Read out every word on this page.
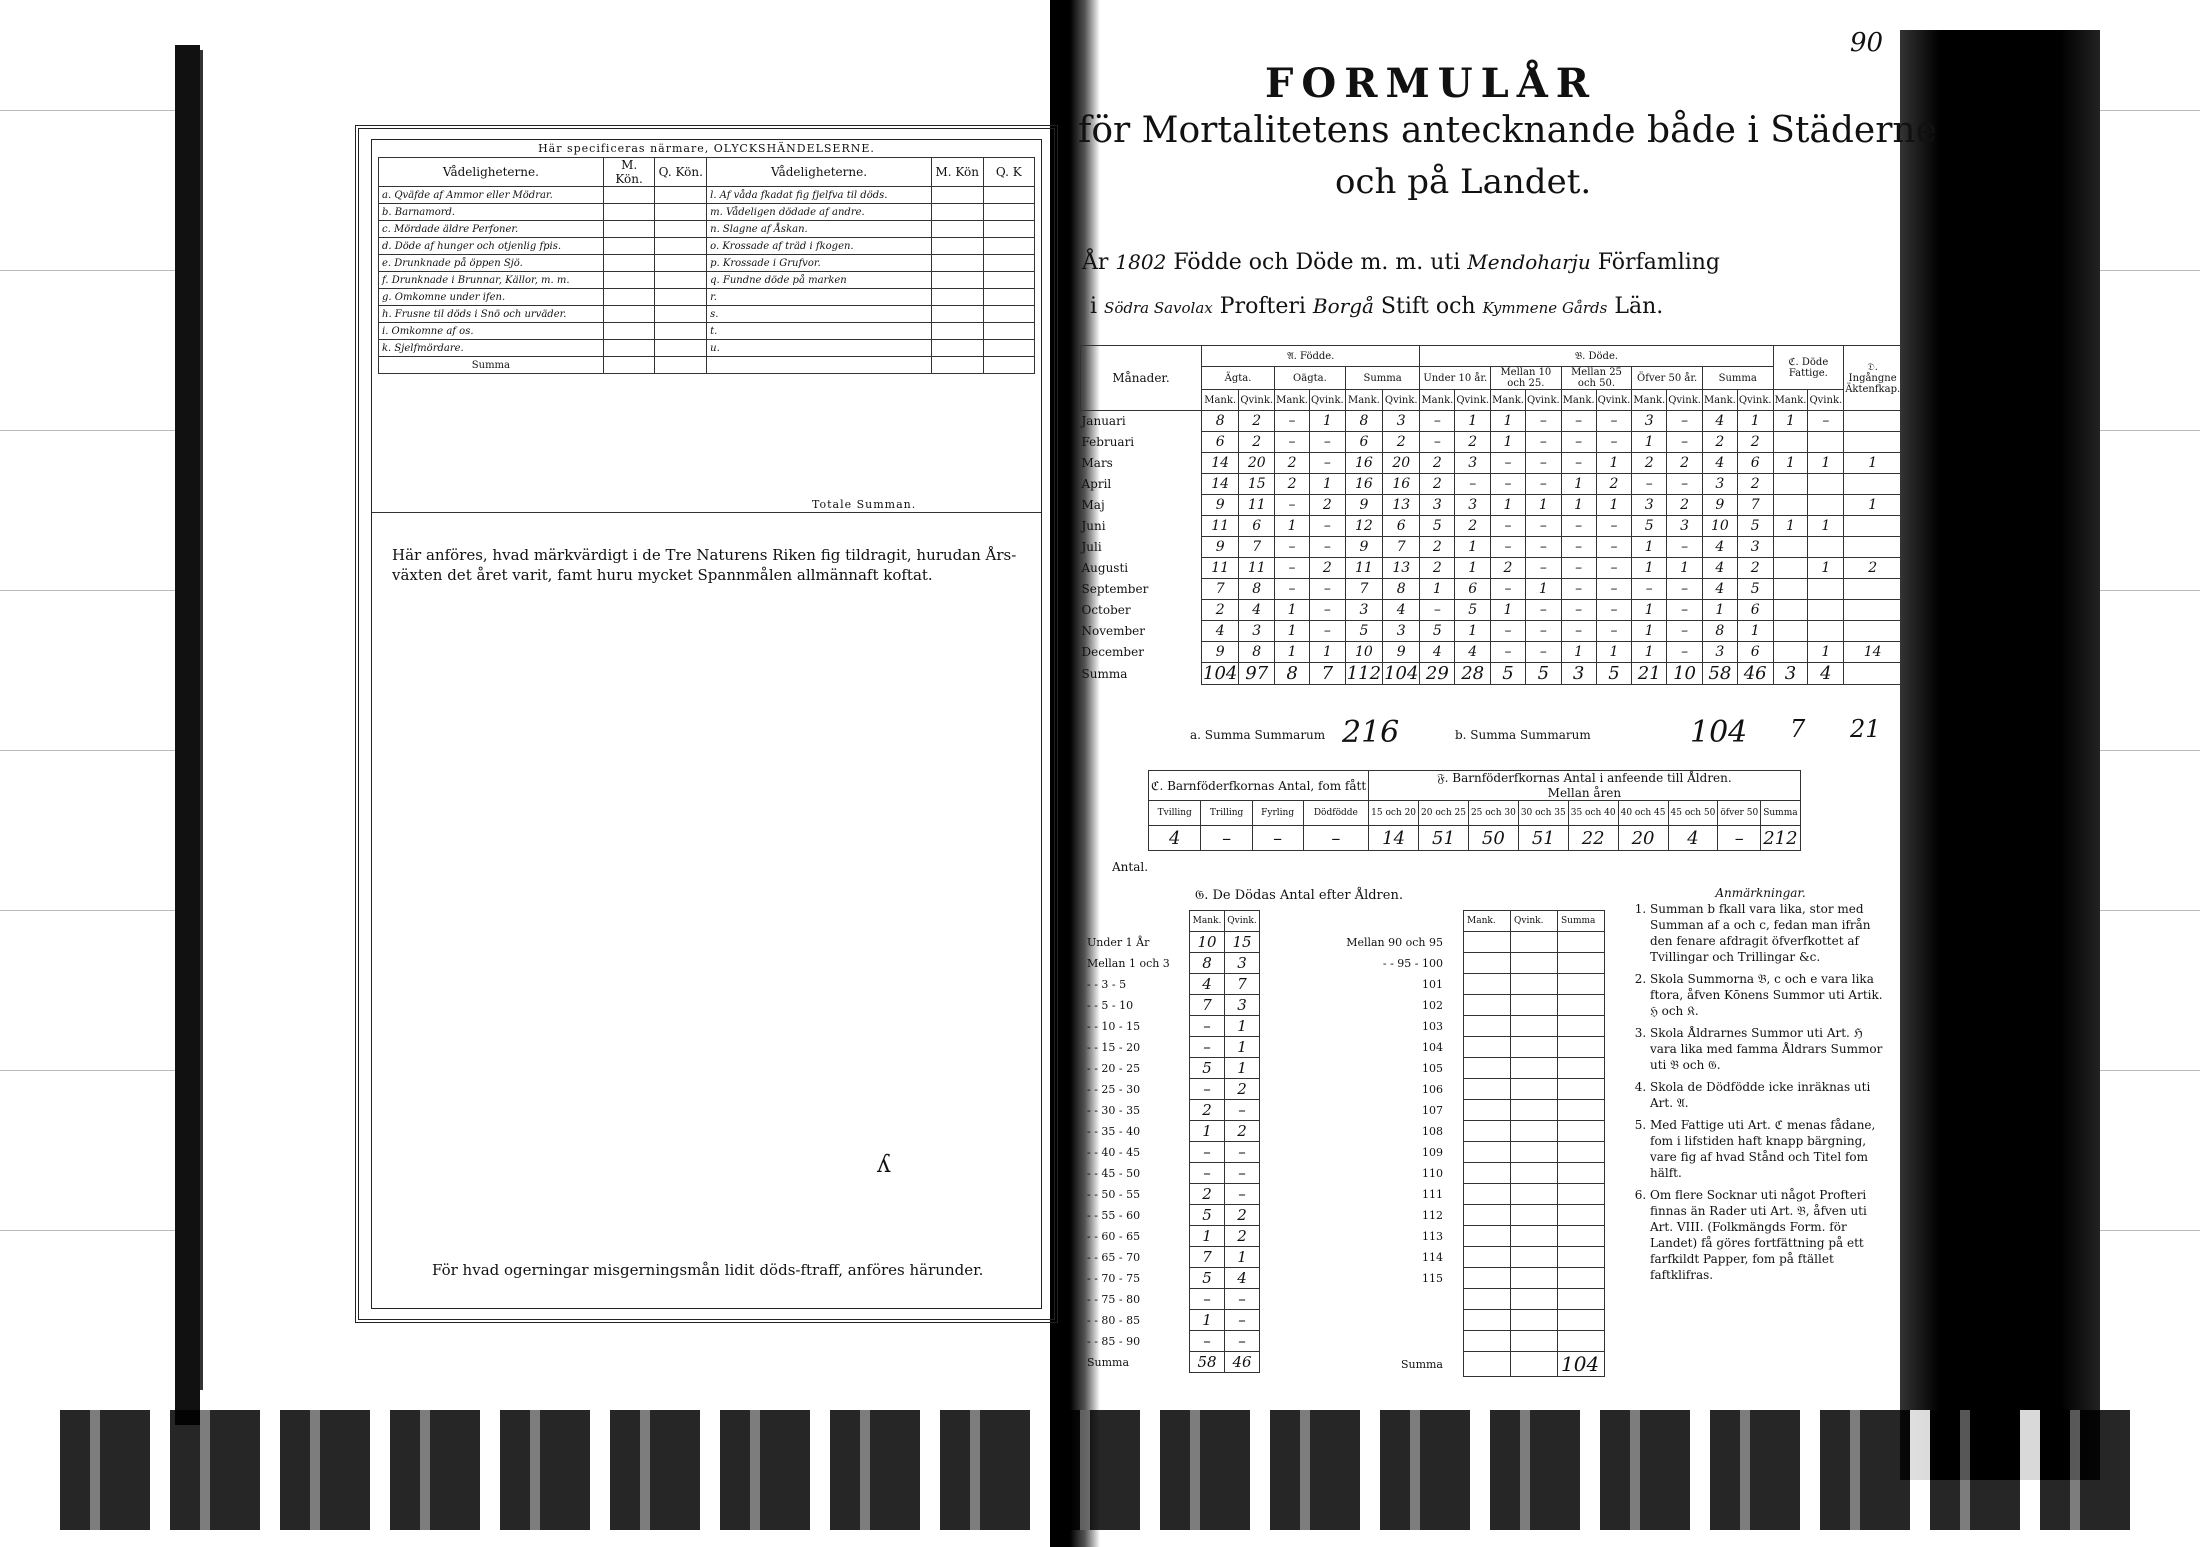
Här specificeras närmare, OLYCKSHÄNDELSERNE.
Vådeligheterne.	M. Kön.	Q. Kön.	Vådeligheterne.	M. Kön	Q. K
a. Qväfde af Ammor eller Mödrar.			l. Af våda fkadat fig fjelfva til döds.		
b. Barnamord.			m. Vådeligen dödade af andre.		
c. Mördade äldre Perfoner.			n. Slagne af Åskan.		
d. Döde af hunger och otjenlig fpis.			o. Krossade af träd i fkogen.		
e. Drunknade på öppen Sjö.			p. Krossade i Grufvor.		
f. Drunknade i Brunnar, Källor, m. m.			q. Fundne döde på marken		
g. Omkomne under ifen.			r.		
h. Frusne til döds i Snö och urväder.			s.		
i. Omkomne af os.			t.		
k. Sjelfmördare.			u.		
Summa					
Totale Summan.
Här anföres, hvad märkvärdigt i de Tre Naturens Riken fig tildragit, hurudan Års-växten det året varit, famt huru mycket Spannmålen allmännaft koftat.
ʎ
För hvad ogerningar misgerningsmån lidit döds-ftraff, anföres härunder.
90
FORMULÅR
för Mortalitetens antecknande både i Städerne
och på Landet.
År 1802 Födde och Döde m. m. uti Mendoharju Förfamling
i Södra Savolax Profteri Borgå Stift och Kymmene Gårds Län.
Månader.	𝔄. Födde.						𝔅. Döde.										ℭ. Döde Fattige.		𝔇. Ingångne Äktenfkap.
	Ägta.		Oägta.		Summa		Under 10 år.		Mellan 10 och 25.		Mellan 25 och 50.		Öfver 50 år.		Summa				
	Mank.	Qvink.	Mank.	Qvink.	Mank.	Qvink.	Mank.	Qvink.	Mank.	Qvink.	Mank.	Qvink.	Mank.	Qvink.	Mank.	Qvink.	Mank.	Qvink.	
Januari	8	2	–	1	8	3	–	1	1	–	–	–	3	–	4	1	1	–	
Februari	6	2	–	–	6	2	–	2	1	–	–	–	1	–	2	2			
Mars	14	20	2	–	16	20	2	3	–	–	–	1	2	2	4	6	1	1	1
April	14	15	2	1	16	16	2	–	–	–	1	2	–	–	3	2			
Maj	9	11	–	2	9	13	3	3	1	1	1	1	3	2	9	7			1
Juni	11	6	1	–	12	6	5	2	–	–	–	–	5	3	10	5	1	1	
Juli	9	7	–	–	9	7	2	1	–	–	–	–	1	–	4	3			
Augusti	11	11	–	2	11	13	2	1	2	–	–	–	1	1	4	2		1	2
September	7	8	–	–	7	8	1	6	–	1	–	–	–	–	4	5			
October	2	4	1	–	3	4	–	5	1	–	–	–	1	–	1	6			
November	4	3	1	–	5	3	5	1	–	–	–	–	1	–	8	1			
December	9	8	1	1	10	9	4	4	–	–	1	1	1	–	3	6		1	14
Summa	104	97	8	7	112	104	29	28	5	5	3	5	21	10	58	46	3	4	
a. Summa Summarum 216	b. Summa Summarum	104 7 21
ℭ. Barnföderfkornas Antal, fom fått				𝔉. Barnföderfkornas Antal i anfeende till Åldren.
Mellan åren								
Tvilling	Trilling	Fyrling	Dödfödde	15 och 20	20 och 25	25 och 30	30 och 35	35 och 40	40 och 45	45 och 50	öfver 50	Summa
4	–	–	–	14	51	50	51	22	20	4	–	212
Antal.
𝔊. De Dödas Antal efter Åldren.
	Mank.	Qvink.
Under 1 År	10	15
Mellan 1 och 3	8	3
- - 3 - 5	4	7
- - 5 - 10	7	3
- - 10 - 15	–	1
- - 15 - 20	–	1
- - 20 - 25	5	1
- - 25 - 30	–	2
- - 30 - 35	2	–
- - 35 - 40	1	2
- - 40 - 45	–	–
- - 45 - 50	–	–
- - 50 - 55	2	–
- - 55 - 60	5	2
- - 60 - 65	1	2
- - 65 - 70	7	1
- - 70 - 75	5	4
- - 75 - 80	–	–
- - 80 - 85	1	–
- - 85 - 90	–	–
Summa	58	46
	Mank.	Qvink.	Summa
Mellan 90 och 95			
- - 95 - 100			
101			
102			
103			
104			
105			
106			
107			
108			
109			
110			
111			
112			
113			
114			
115			

Summa			104
Anmärkningar.
1. Summan b fkall vara lika, stor med Summan af a och c, fedan man ifrån den fenare afdragit öfverfkottet af Tvillingar och Trillingar &c.
2. Skola Summorna 𝔅, c och e vara lika ftora, åfven Kōnens Summor uti Artik. ℌ och 𝔎.
3. Skola Åldrarnes Summor uti Art. ℌ vara lika med famma Åldrars Summor uti 𝔅 och 𝔊.
4. Skola de Dödfödde icke inräknas uti Art. 𝔄.
5. Med Fattige uti Art. ℭ menas fådane, fom i lifstiden haft knapp bärgning, vare fig af hvad Stånd och Titel fom hälft.
6. Om flere Socknar uti något Profteri finnas än Rader uti Art. 𝔅, åfven uti Art. VIII. (Folkmängds Form. för Landet) få göres fortfättning på ett farfkildt Papper, fom på ftället faftklifras.
